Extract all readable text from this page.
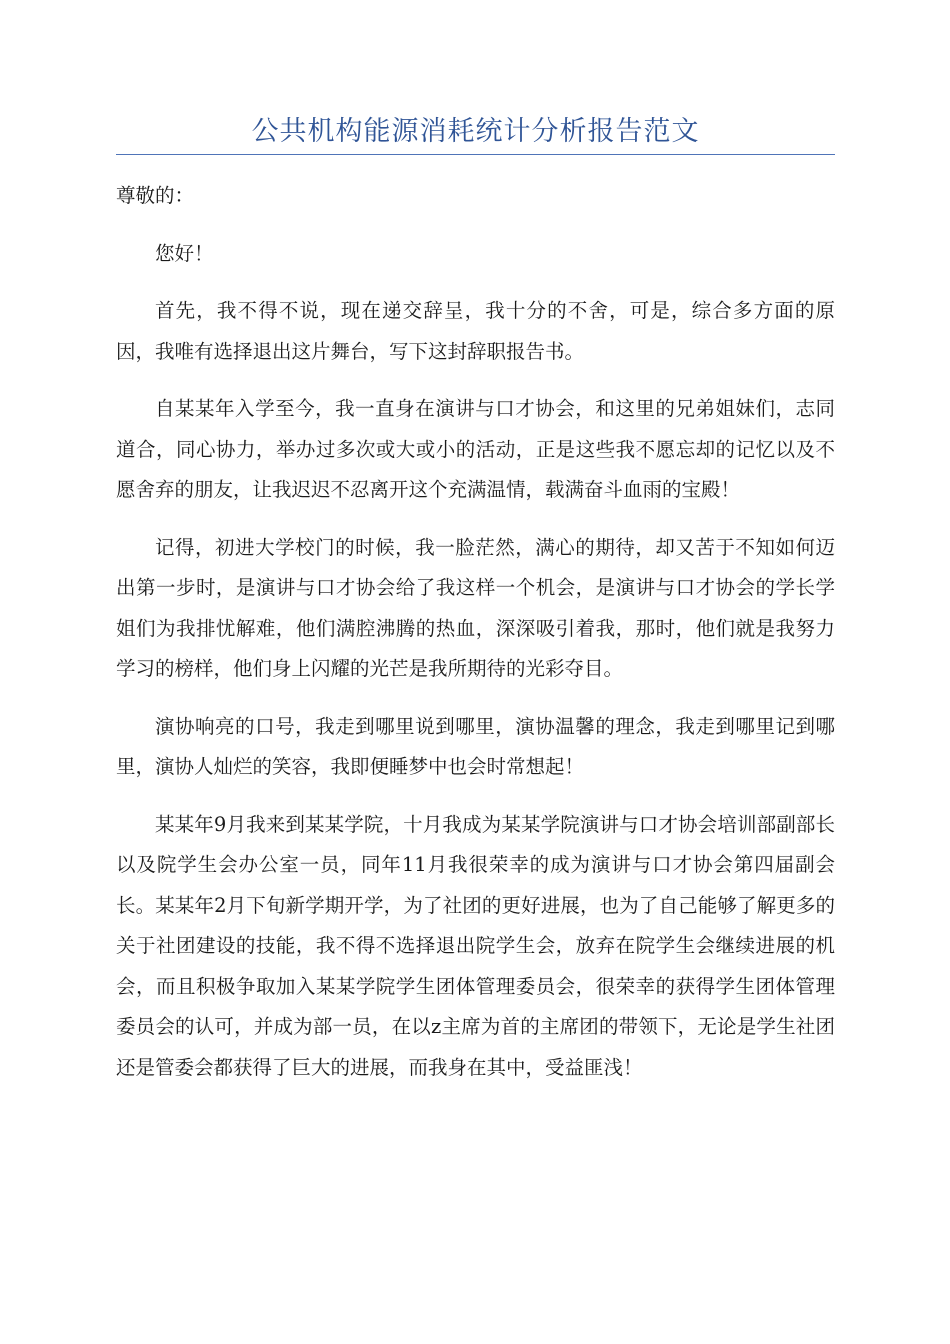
公共机构能源消耗统计分析报告范文

尊敬的：

您好！

首先，我不得不说，现在递交辞呈，我十分的不舍，可是，综合多方面的原因，我唯有选择退出这片舞台，写下这封辞职报告书。

自某某年入学至今，我一直身在演讲与口才协会，和这里的兄弟姐妹们，志同道合，同心协力，举办过多次或大或小的活动，正是这些我不愿忘却的记忆以及不愿舍弃的朋友，让我迟迟不忍离开这个充满温情，载满奋斗血雨的宝殿！

记得，初进大学校门的时候，我一脸茫然，满心的期待，却又苦于不知如何迈出第一步时，是演讲与口才协会给了我这样一个机会，是演讲与口才协会的学长学姐们为我排忧解难，他们满腔沸腾的热血，深深吸引着我，那时，他们就是我努力学习的榜样，他们身上闪耀的光芒是我所期待的光彩夺目。

演协响亮的口号，我走到哪里说到哪里，演协温馨的理念，我走到哪里记到哪里，演协人灿烂的笑容，我即便睡梦中也会时常想起！

某某年9月我来到某某学院，十月我成为某某学院演讲与口才协会培训部副部长以及院学生会办公室一员，同年11月我很荣幸的成为演讲与口才协会第四届副会长。某某年2月下旬新学期开学，为了社团的更好进展，也为了自己能够了解更多的关于社团建设的技能，我不得不选择退出院学生会，放弃在院学生会继续进展的机会，而且积极争取加入某某学院学生团体管理委员会，很荣幸的获得学生团体管理委员会的认可，并成为部一员，在以z主席为首的主席团的带领下，无论是学生社团还是管委会都获得了巨大的进展，而我身在其中，受益匪浅！
